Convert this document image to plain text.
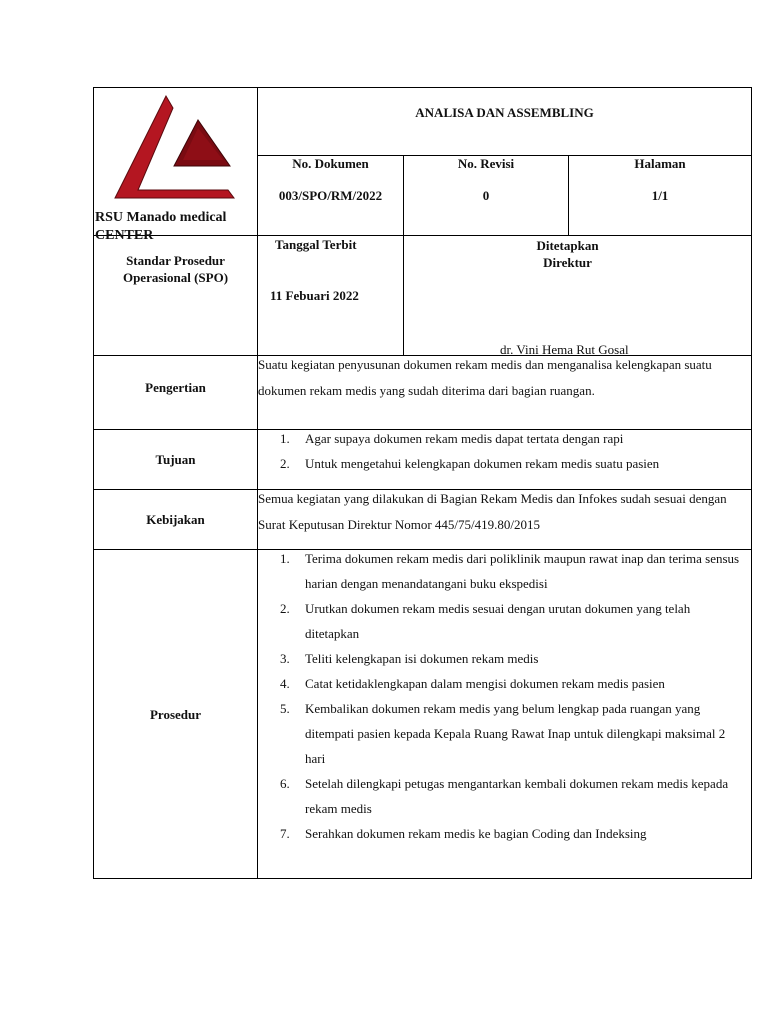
RSU Manado medical CENTER
ANALISA DAN ASSEMBLING
No. Dokumen
003/SPO/RM/2022
No. Revisi
0
Halaman
1/1
Standar Prosedur Operasional (SPO)
Tanggal Terbit
11 Febuari 2022
Ditetapkan
Direktur
dr. Vini Hema Rut Gosal
Pengertian
Suatu kegiatan penyusunan dokumen rekam medis dan menganalisa kelengkapan suatu dokumen rekam medis yang sudah diterima dari bagian ruangan.
Tujuan
1. Agar supaya dokumen rekam medis dapat tertata dengan rapi
2. Untuk mengetahui kelengkapan dokumen rekam medis suatu pasien
Kebijakan
Semua kegiatan yang dilakukan di Bagian Rekam Medis dan Infokes sudah sesuai dengan Surat Keputusan Direktur Nomor 445/75/419.80/2015
Prosedur
1. Terima dokumen rekam medis dari poliklinik maupun rawat inap dan terima sensus harian dengan menandatangani buku ekspedisi
2. Urutkan dokumen rekam medis sesuai dengan urutan dokumen yang telah ditetapkan
3. Teliti kelengkapan isi dokumen rekam medis
4. Catat ketidaklengkapan dalam mengisi dokumen rekam medis pasien
5. Kembalikan dokumen rekam medis yang belum lengkap pada ruangan yang ditempati pasien kepada Kepala Ruang Rawat Inap untuk dilengkapi maksimal 2 hari
6. Setelah dilengkapi petugas mengantarkan kembali dokumen rekam medis kepada rekam medis
7. Serahkan dokumen rekam medis ke bagian Coding dan Indeksing
